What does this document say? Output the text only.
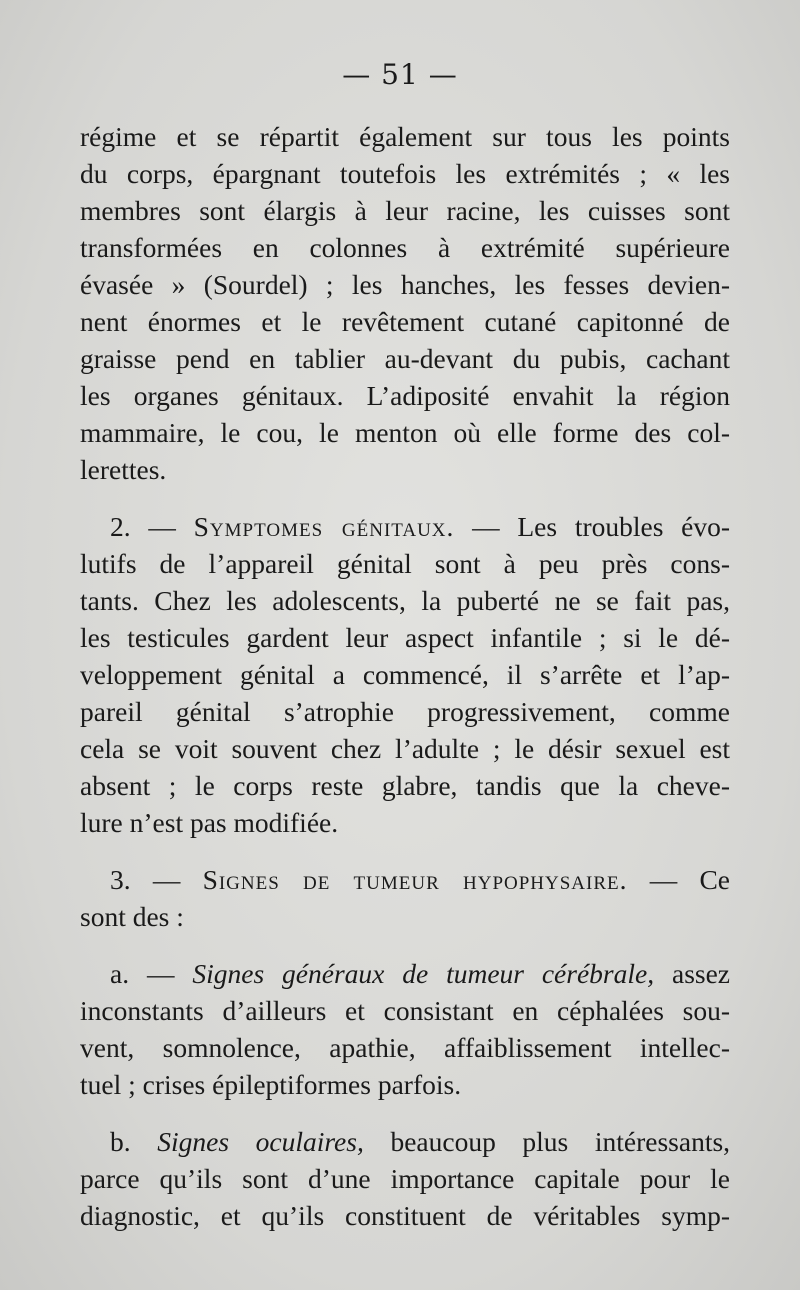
— 51 —
régime et se répartit également sur tous les points
du corps, épargnant toutefois les extrémités ; « les
membres sont élargis à leur racine, les cuisses sont
transformées en colonnes à extrémité supérieure
évasée » (Sourdel) ; les hanches, les fesses devien-
nent énormes et le revêtement cutané capitonné de
graisse pend en tablier au-devant du pubis, cachant
les organes génitaux. L’adiposité envahit la région
mammaire, le cou, le menton où elle forme des col-
lerettes.
2. — Symptomes génitaux. — Les troubles évo-
lutifs de l’appareil génital sont à peu près cons-
tants. Chez les adolescents, la puberté ne se fait pas,
les testicules gardent leur aspect infantile ; si le dé-
veloppement génital a commencé, il s’arrête et l’ap-
pareil génital s’atrophie progressivement, comme
cela se voit souvent chez l’adulte ; le désir sexuel est
absent ; le corps reste glabre, tandis que la cheve-
lure n’est pas modifiée.
3. — Signes de tumeur hypophysaire. — Ce
sont des :
a. — Signes généraux de tumeur cérébrale, assez
inconstants d’ailleurs et consistant en céphalées sou-
vent, somnolence, apathie, affaiblissement intellec-
tuel ; crises épileptiformes parfois.
b. Signes oculaires, beaucoup plus intéressants,
parce qu’ils sont d’une importance capitale pour le
diagnostic, et qu’ils constituent de véritables symp-
